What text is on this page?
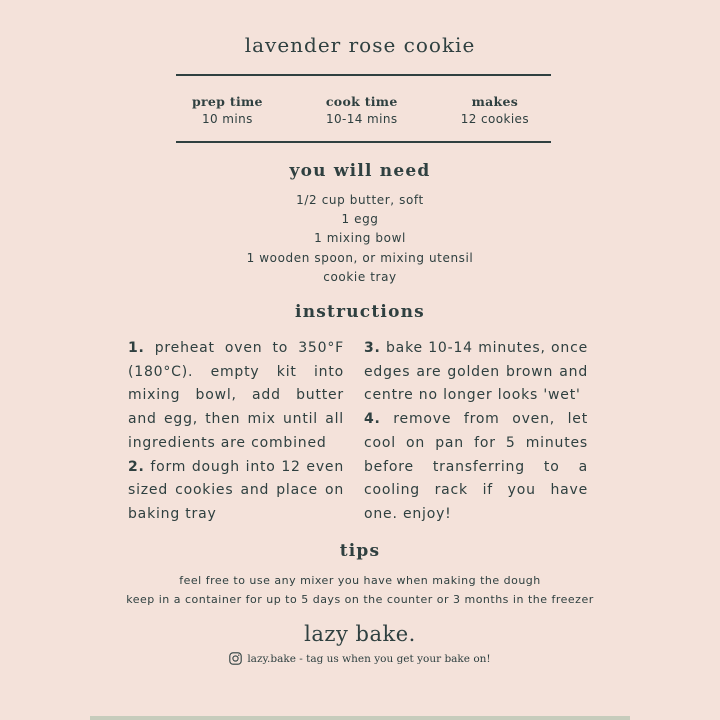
lavender rose cookie
prep time
10 mins
cook time
10-14 mins
makes
12 cookies
you will need
1/2 cup butter, soft
1 egg
1 mixing bowl
1 wooden spoon, or mixing utensil
cookie tray
instructions

1. preheat oven to 350°F (180°C). empty kit into mixing bowl, add butter and egg, then mix until all ingredients are combined

2. form dough into 12 even sized cookies and place on baking tray

3. bake 10-14 minutes, once edges are golden brown and centre no longer looks 'wet'

4. remove from oven, let cool on pan for 5 minutes before transferring to a cooling rack if you have one. enjoy!

tips
feel free to use any mixer you have when making the dough
keep in a container for up to 5 days on the counter or 3 months in the freezer
lazy bake.
lazy.bake - tag us when you get your bake on!
